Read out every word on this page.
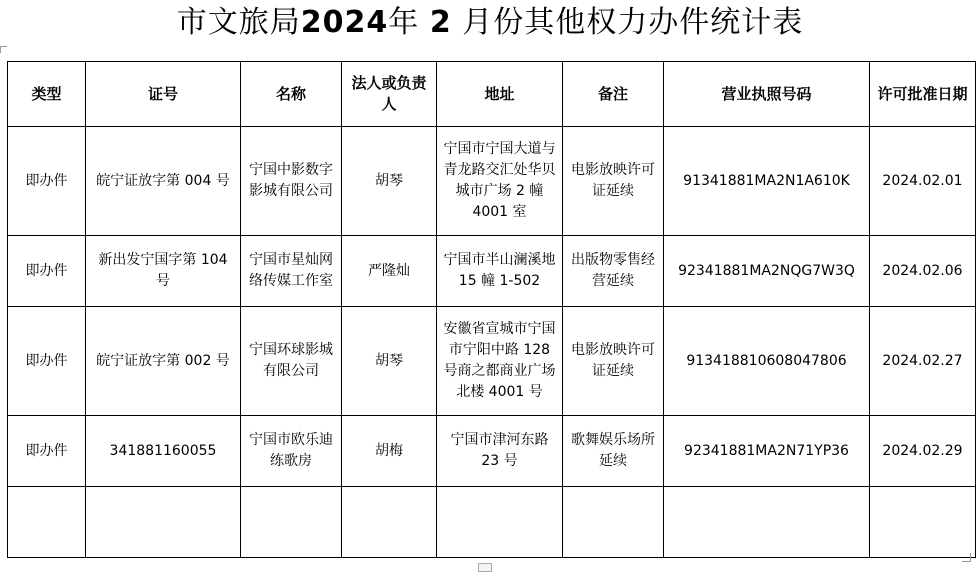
市文旅局2024年 2 月份其他权力办件统计表
类型	证号	名称	法人或负责人	地址	备注	营业执照号码	许可批准日期
即办件	皖宁证放字第 004 号	宁国中影数字影城有限公司	胡琴	宁国市宁国大道与青龙路交汇处华贝城市广场 2 幢 4001 室	电影放映许可证延续	91341881MA2N1A610K	2024.02.01
即办件	新出发宁国字第 104 号	宁国市星灿网络传媒工作室	严隆灿	宁国市半山澜溪地 15 幢 1-502	出版物零售经营延续	92341881MA2NQG7W3Q	2024.02.06
即办件	皖宁证放字第 002 号	宁国环球影城有限公司	胡琴	安徽省宣城市宁国市宁阳中路 128 号商之都商业广场北楼 4001 号	电影放映许可证延续	913418810608047806	2024.02.27
即办件	341881160055	宁国市欧乐迪练歌房	胡梅	宁国市津河东路 23 号	歌舞娱乐场所延续	92341881MA2N71YP36	2024.02.29
